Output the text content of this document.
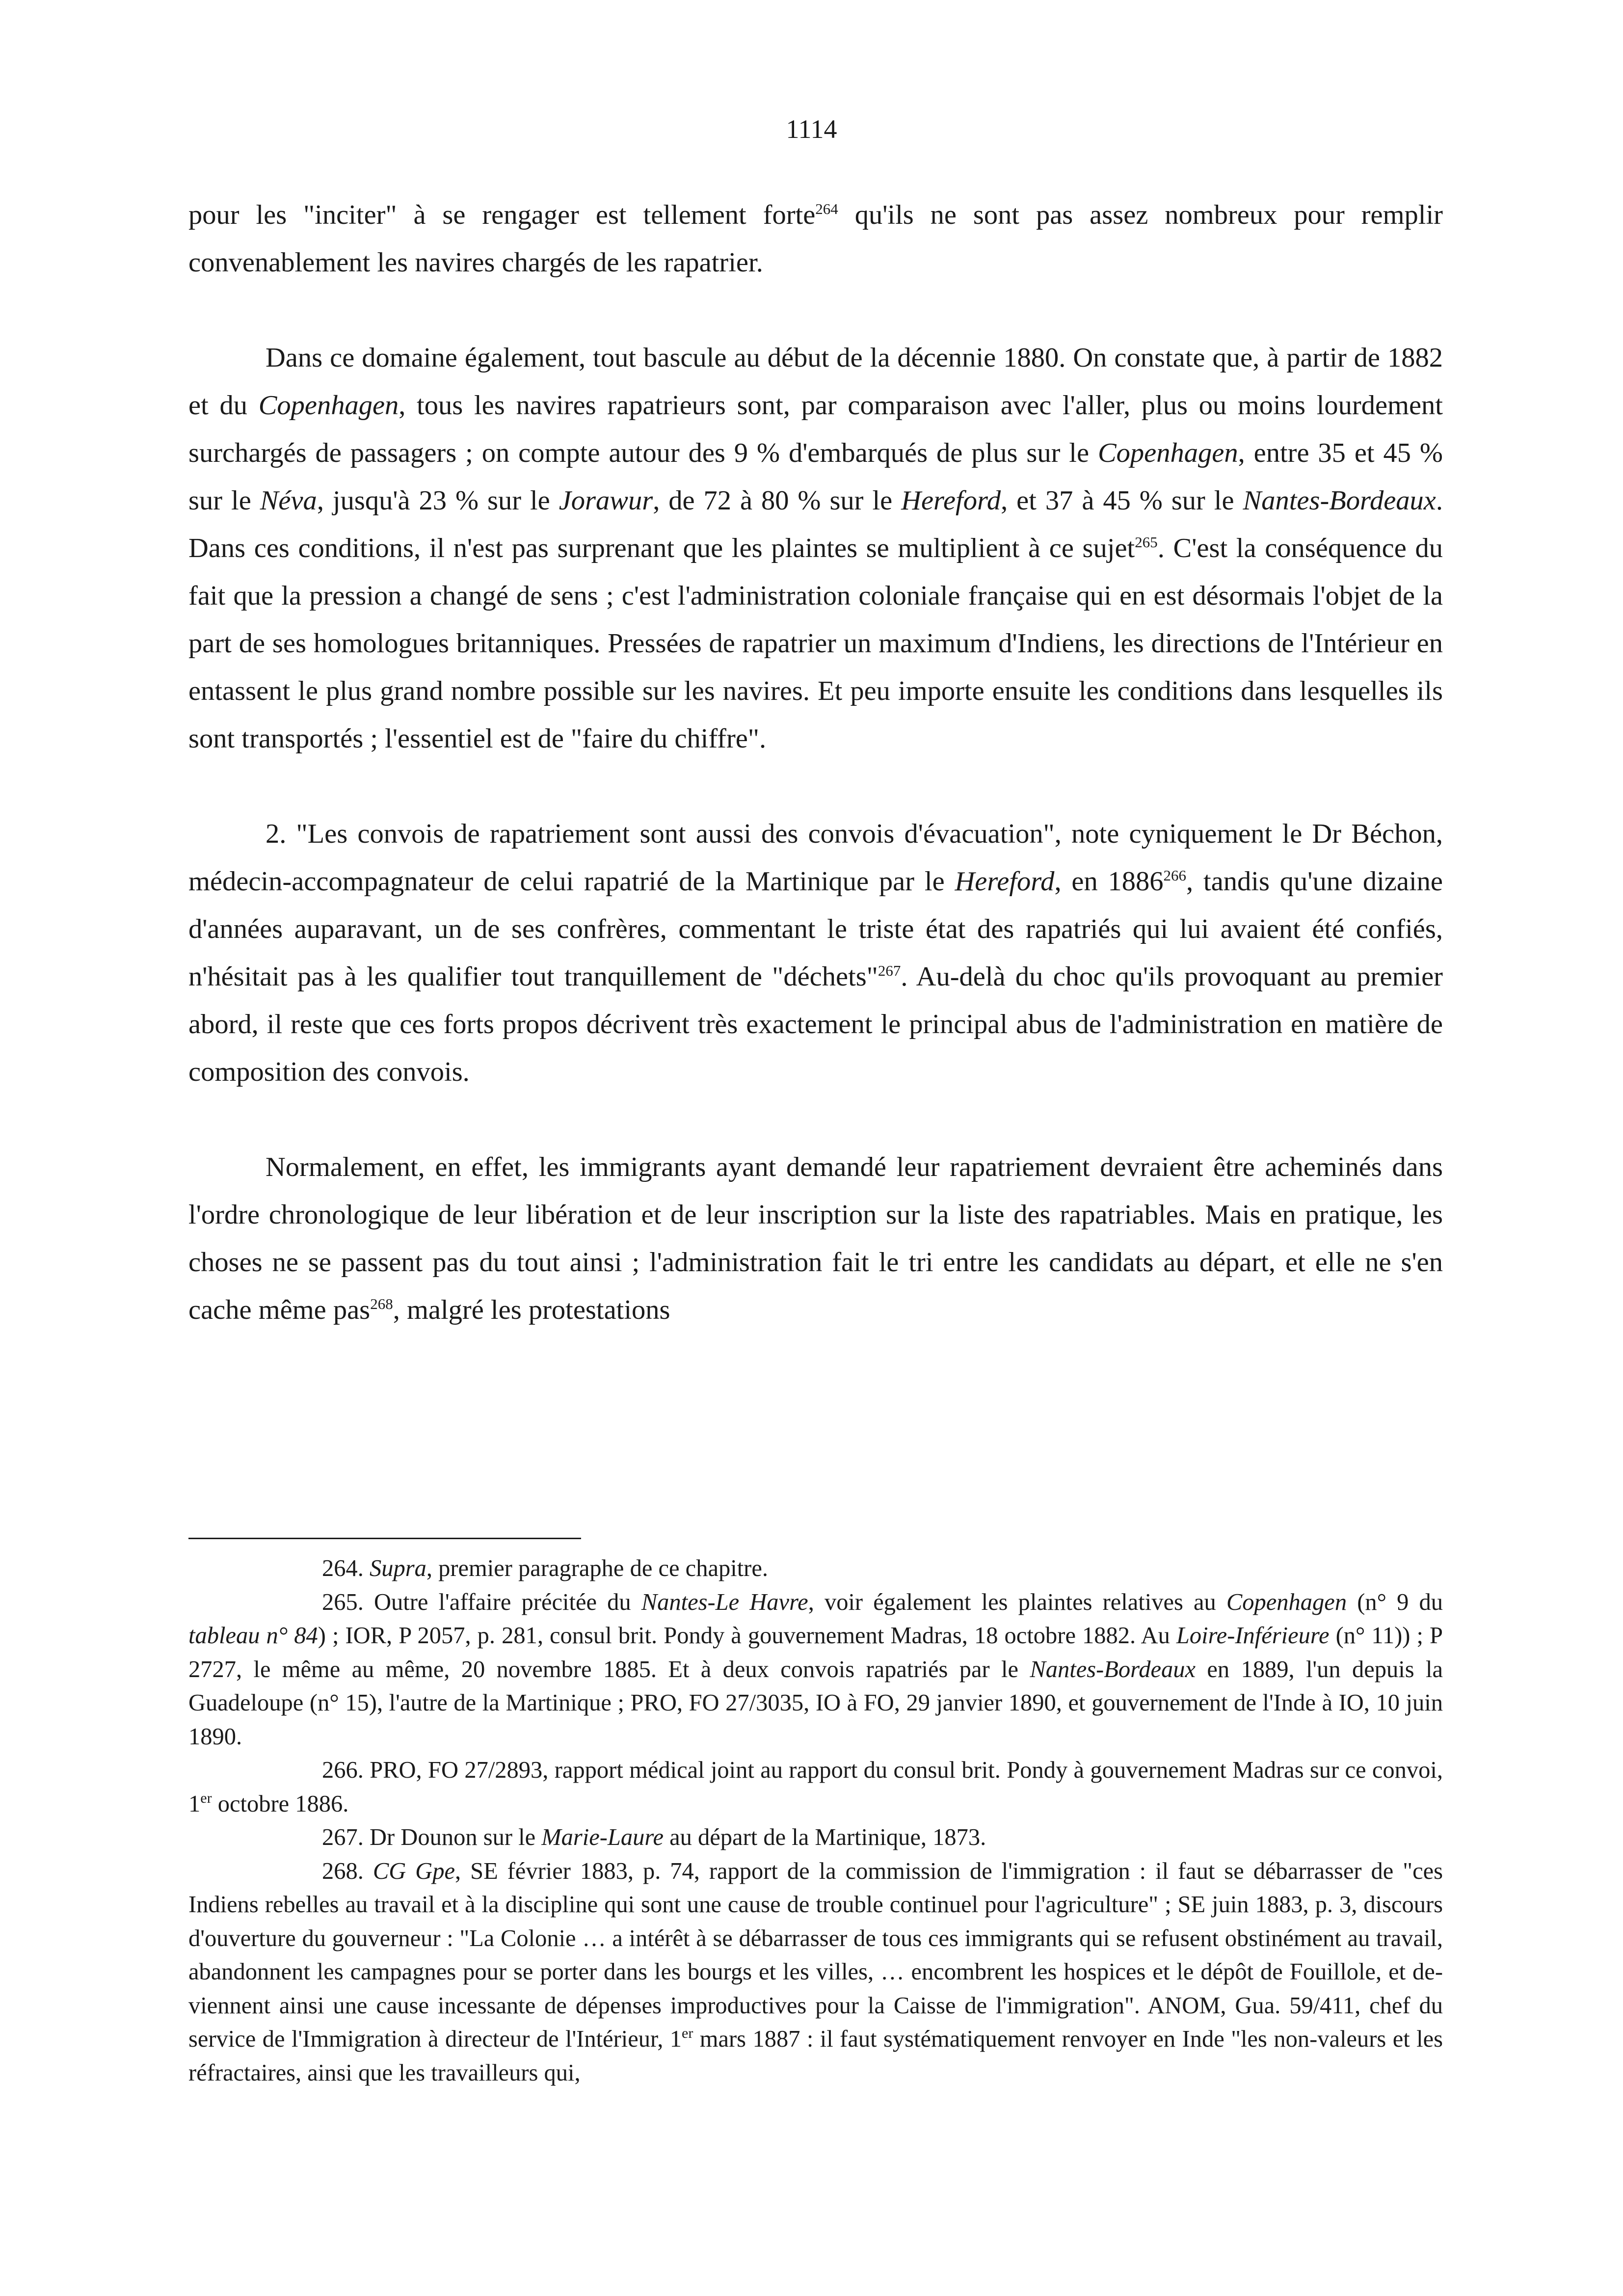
1114

pour les "inciter" à se rengager est tellement forte$^{264}$ qu'ils ne sont pas assez nombreux pour remplir convenablement les navires chargés de les rapatrier.

Dans ce domaine également, tout bascule au début de la décennie 1880. On constate que, à partir de 1882 et du Copenhagen, tous les navires rapatrieurs sont, par comparaison avec l'aller, plus ou moins lourdement surchargés de passagers ; on compte autour des 9 % d'embarqués de plus sur le Copenhagen, entre 35 et 45 % sur le Néva, jusqu'à 23 % sur le Jorawur, de 72 à 80 % sur le Hereford, et 37 à 45 % sur le Nantes-Bordeaux. Dans ces conditions, il n'est pas surprenant que les plaintes se multiplient à ce sujet$^{265}$. C'est la conséquence du fait que la pression a changé de sens ; c'est l'administration coloniale française qui en est désormais l'objet de la part de ses homologues britanniques. Pressées de rapatrier un maximum d'Indiens, les directions de l'Intérieur en entassent le plus grand nombre possible sur les navires. Et peu importe ensuite les conditions dans lesquelles ils sont transportés ; l'essentiel est de "faire du chiffre".

2. "Les convois de rapatriement sont aussi des convois d'évacuation", note cyniquement le Dr Béchon, médecin-accompagnateur de celui rapatrié de la Martinique par le Hereford, en 1886$^{266}$, tandis qu'une dizaine d'années auparavant, un de ses confrères, commentant le triste état des rapatriés qui lui avaient été confiés, n'hésitait pas à les qualifier tout tranquillement de "déchets"$^{267}$. Au-delà du choc qu'ils provoquant au premier abord, il reste que ces forts propos décrivent très exactement le principal abus de l'administration en matière de composition des convois.

Normalement, en effet, les immigrants ayant demandé leur rapatriement devraient être acheminés dans l'ordre chronologique de leur libération et de leur inscription sur la liste des rapatriables. Mais en pratique, les choses ne se passent pas du tout ainsi ; l'administration fait le tri entre les candidats au départ, et elle ne s'en cache même pas$^{268}$, malgré les protestations

264. Supra, premier paragraphe de ce chapitre.

265. Outre l'affaire précitée du Nantes-Le Havre, voir également les plaintes relatives au Copenhagen (n° 9 du tableau n° 84) ; IOR, P 2057, p. 281, consul brit. Pondy à gouvernement Madras, 18 octobre 1882. Au Loire-Inférieure (n° 11)) ; P 2727, le même au même, 20 novembre 1885. Et à deux convois rapatriés par le Nantes-Bordeaux en 1889, l'un depuis la Guadeloupe (n° 15), l'autre de la Martinique ; PRO, FO 27/3035, IO à FO, 29 janvier 1890, et gouvernement de l'Inde à IO, 10 juin 1890.

266. PRO, FO 27/2893, rapport médical joint au rapport du consul brit. Pondy à gouvernement Madras sur ce convoi, 1er octobre 1886.

267. Dr Dounon sur le Marie-Laure au départ de la Martinique, 1873.

268. CG Gpe, SE février 1883, p. 74, rapport de la commission de l'immigration : il faut se débarrasser de "ces Indiens rebelles au travail et à la discipline qui sont une cause de trouble continuel pour l'agriculture" ; SE juin 1883, p. 3, discours d'ouverture du gouverneur : "La Colonie … a intérêt à se débarrasser de tous ces immigrants qui se refusent obstinément au travail, abandonnent les campagnes pour se porter dans les bourgs et les villes, … encombrent les hospices et le dépôt de Fouillole, et deviennent ainsi une cause incessante de dépenses improductives pour la Caisse de l'immigration". ANOM, Gua. 59/411, chef du service de l'Immigration à directeur de l'Intérieur, 1er mars 1887 : il faut systématiquement renvoyer en Inde "les non-valeurs et les réfractaires, ainsi que les travailleurs qui,
